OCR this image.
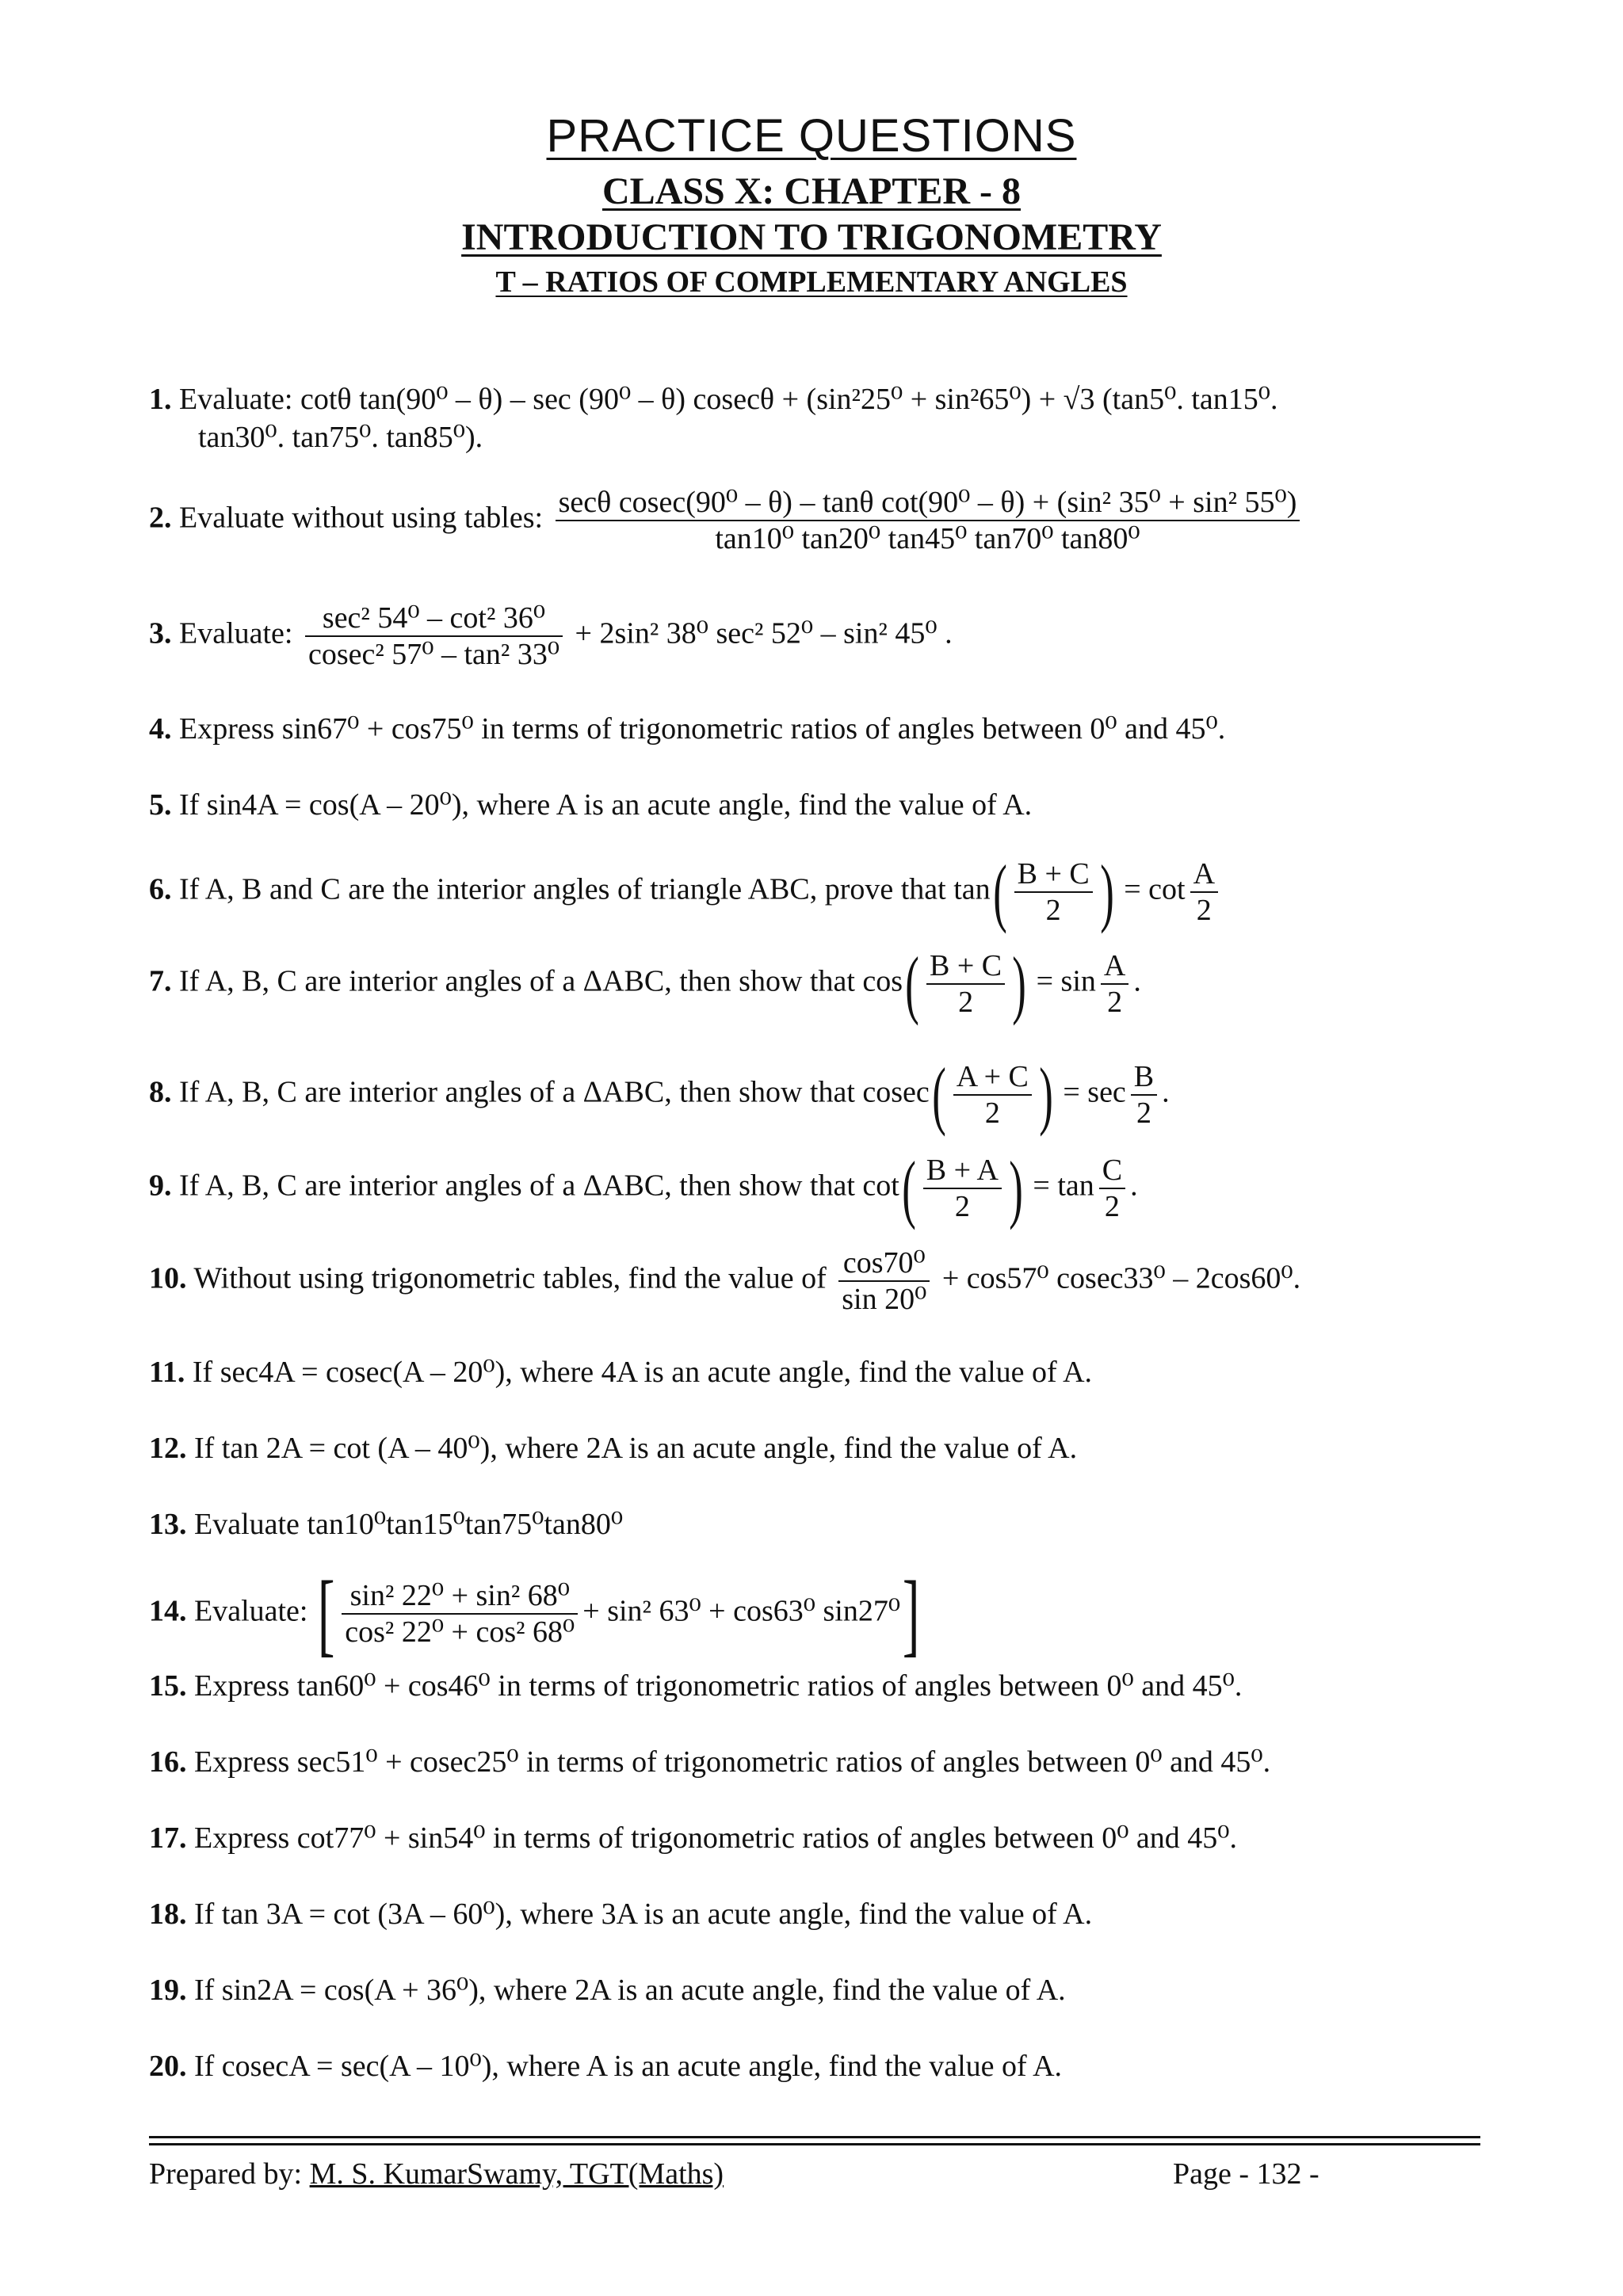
PRACTICE QUESTIONS
CLASS X: CHAPTER - 8
INTRODUCTION TO TRIGONOMETRY
T – RATIOS OF COMPLEMENTARY ANGLES
1. Evaluate: cotθ tan(90⁰ – θ) – sec (90⁰ – θ) cosecθ + (sin²25⁰ + sin²65⁰) + √3 (tan5⁰. tan15⁰.
tan30⁰. tan75⁰. tan85⁰).
2. Evaluate without using tables: secθ cosec(90⁰ – θ) – tanθ cot(90⁰ – θ) + (sin² 35⁰ + sin² 55⁰)
tan10⁰ tan20⁰ tan45⁰ tan70⁰ tan80⁰
3. Evaluate: $\frac{\text{sec² 54⁰ – cot² 36⁰}}{\text{cosec² 57⁰ – tan² 33⁰}} + 2\sin^2$ 38⁰ sec² 52⁰ – sin² 45⁰ .
4. Express sin67⁰ + cos75⁰ in terms of trigonometric ratios of angles between 0⁰ and 45⁰.
5. If sin4A = cos(A – 20⁰), where A is an acute angle, find the value of A.
6. If A, B and C are the interior angles of triangle ABC, prove that $\tan( \frac{B + C}{2}$ ) = $\cot \frac{A}{2}$
7. If A, B, C are interior angles of a ΔABC, then show that $\cos( \frac{B + C}{2}$ ) = $\sin \frac{A}{2}$ .
8. If A, B, C are interior angles of a ΔABC, then show that $cosec( \frac{A + C}{2}$ ) = $\sec \frac{B}{2}$ .
9. If A, B, C are interior angles of a ΔABC, then show that $\cot( \frac{B + A}{2}$ ) = $\tan \frac{C}{2}$ .
10. Without using trigonometric tables, find the value of $\frac{\text{cos70⁰}}{\text{sin 20⁰}} + \cos 57^0$ cosec33⁰ – 2cos60⁰.
11. If sec4A = cosec(A – 20⁰), where 4A is an acute angle, find the value of A.
12. If tan 2A = cot (A – 40⁰), where 2A is an acute angle, find the value of A.
13. Evaluate tan10⁰tan15⁰tan75⁰tan80⁰
14. Evaluate: [ $\frac{\text{sin² 22⁰ + sin² 68⁰}}{\text{cos² 22⁰ + cos² 68⁰}} + \sin^2$ 63⁰ + cos63⁰ sin27⁰]
15. Express tan60⁰ + cos46⁰ in terms of trigonometric ratios of angles between 0⁰ and 45⁰.
16. Express sec51⁰ + cosec25⁰ in terms of trigonometric ratios of angles between 0⁰ and 45⁰.
17. Express cot77⁰ + sin54⁰ in terms of trigonometric ratios of angles between 0⁰ and 45⁰.
18. If tan 3A = cot (3A – 60⁰), where 3A is an acute angle, find the value of A.
19. If sin2A = cos(A + 36⁰), where 2A is an acute angle, find the value of A.
20. If cosecA = sec(A – 10⁰), where A is an acute angle, find the value of A.
Prepared by: M. S. KumarSwamy, TGT(Maths)	Page - 132 -
